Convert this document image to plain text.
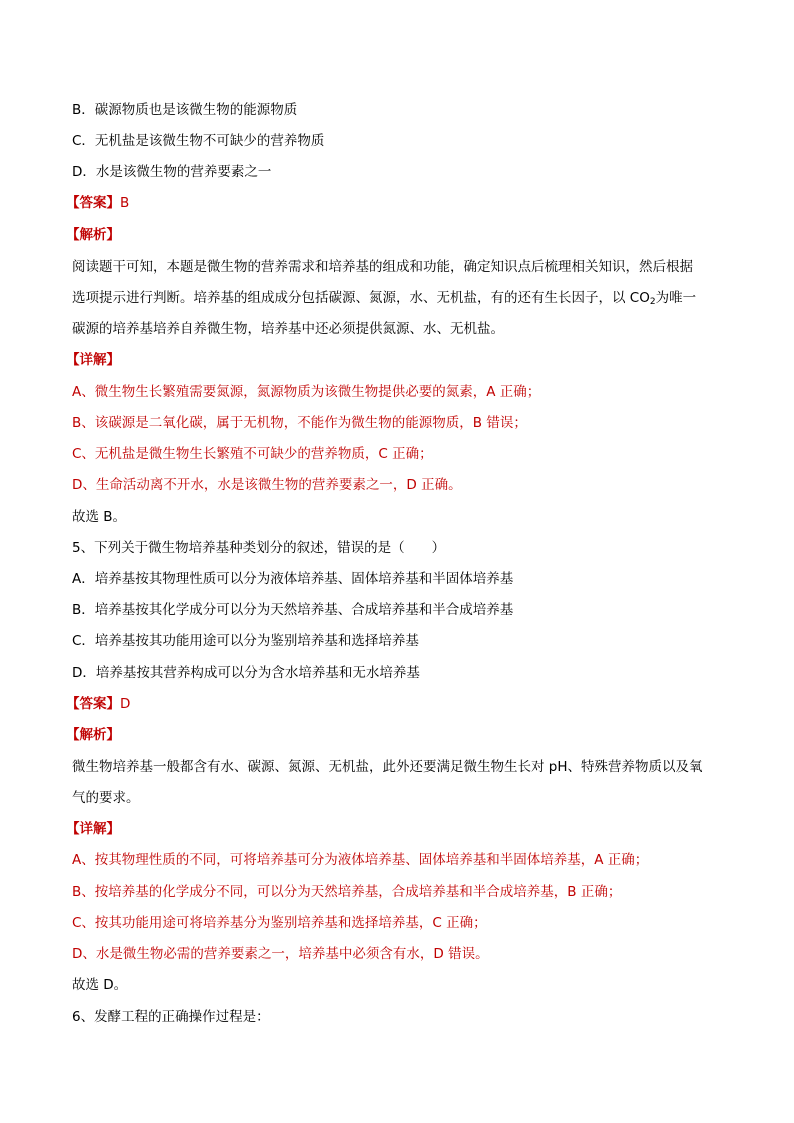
B．碳源物质也是该微生物的能源物质
C．无机盐是该微生物不可缺少的营养物质
D．水是该微生物的营养要素之一
【答案】B
【解析】
阅读题干可知，本题是微生物的营养需求和培养基的组成和功能，确定知识点后梳理相关知识，然后根据
选项提示进行判断。培养基的组成成分包括碳源、氮源，水、无机盐，有的还有生长因子，以 $CO_2$为唯一
碳源的培养基培养自养微生物，培养基中还必须提供氮源、水、无机盐。
【详解】
A、微生物生长繁殖需要氮源，氮源物质为该微生物提供必要的氮素，A 正确；
B、该碳源是二氧化碳，属于无机物，不能作为微生物的能源物质，B 错误；
C、无机盐是微生物生长繁殖不可缺少的营养物质，C 正确；
D、生命活动离不开水，水是该微生物的营养要素之一，D 正确。
故选 B。
5、下列关于微生物培养基种类划分的叙述，错误的是（　　）
A．培养基按其物理性质可以分为液体培养基、固体培养基和半固体培养基
B．培养基按其化学成分可以分为天然培养基、合成培养基和半合成培养基
C．培养基按其功能用途可以分为鉴别培养基和选择培养基
D．培养基按其营养构成可以分为含水培养基和无水培养基
【答案】D
【解析】
微生物培养基一般都含有水、碳源、氮源、无机盐，此外还要满足微生物生长对 pH、特殊营养物质以及氧
气的要求。
【详解】
A、按其物理性质的不同，可将培养基可分为液体培养基、固体培养基和半固体培养基，A 正确；
B、按培养基的化学成分不同，可以分为天然培养基，合成培养基和半合成培养基，B 正确；
C、按其功能用途可将培养基分为鉴别培养基和选择培养基，C 正确；
D、水是微生物必需的营养要素之一，培养基中必须含有水，D 错误。
故选 D。
6、发酵工程的正确操作过程是：
